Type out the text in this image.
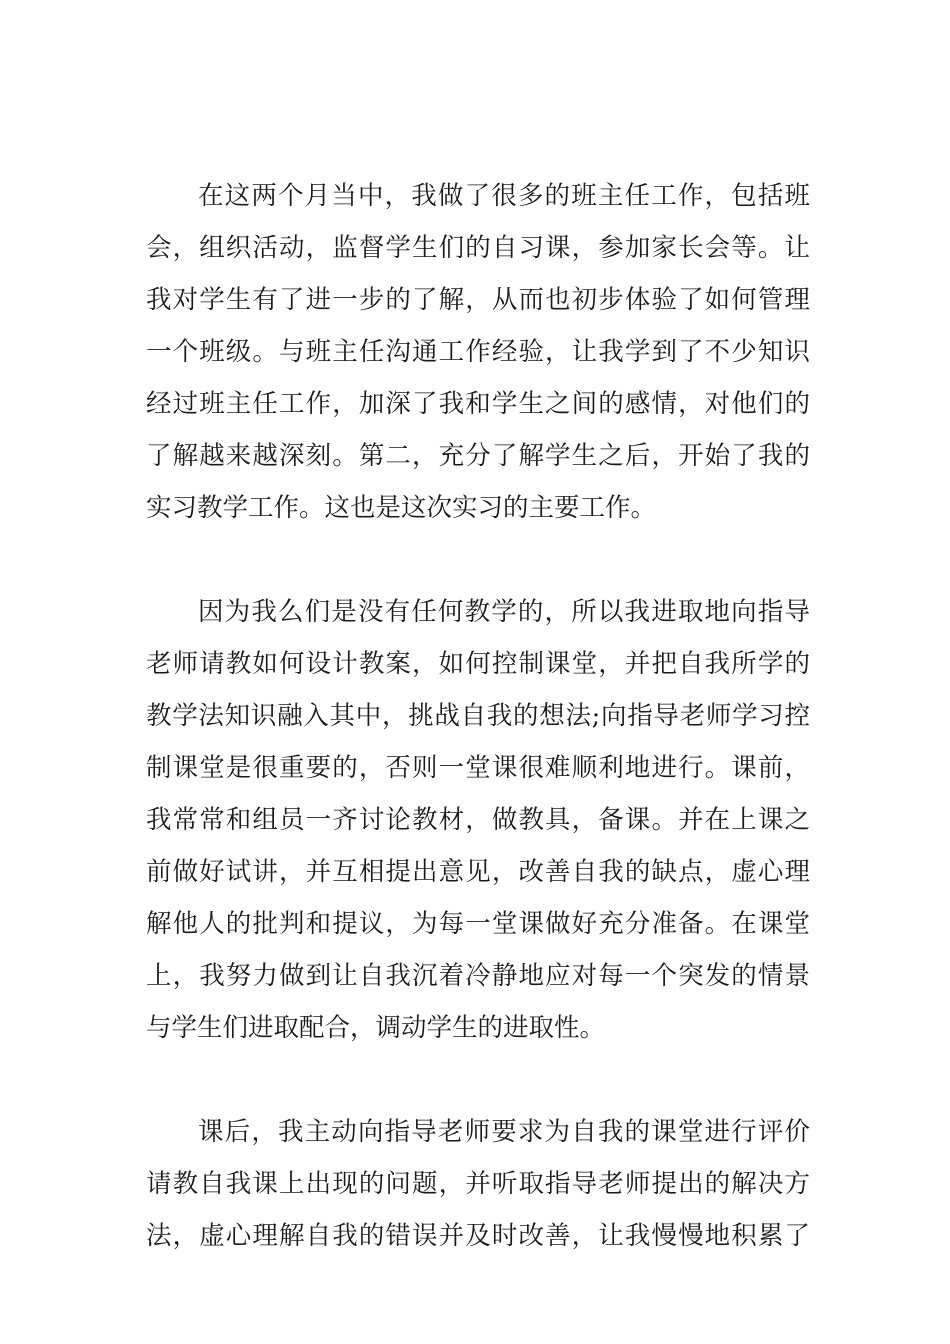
在这两个月当中，我做了很多的班主任工作，包括班
会，组织活动，监督学生们的自习课，参加家长会等。让
我对学生有了进一步的了解，从而也初步体验了如何管理
一个班级。与班主任沟通工作经验，让我学到了不少知识
经过班主任工作，加深了我和学生之间的感情，对他们的
了解越来越深刻。第二，充分了解学生之后，开始了我的
实习教学工作。这也是这次实习的主要工作。
因为我么们是没有任何教学的，所以我进取地向指导
老师请教如何设计教案，如何控制课堂，并把自我所学的
教学法知识融入其中，挑战自我的想法;向指导老师学习控
制课堂是很重要的，否则一堂课很难顺利地进行。课前，
我常常和组员一齐讨论教材，做教具，备课。并在上课之
前做好试讲，并互相提出意见，改善自我的缺点，虚心理
解他人的批判和提议，为每一堂课做好充分准备。在课堂
上，我努力做到让自我沉着冷静地应对每一个突发的情景
与学生们进取配合，调动学生的进取性。
课后，我主动向指导老师要求为自我的课堂进行评价
请教自我课上出现的问题，并听取指导老师提出的解决方
法，虚心理解自我的错误并及时改善，让我慢慢地积累了
